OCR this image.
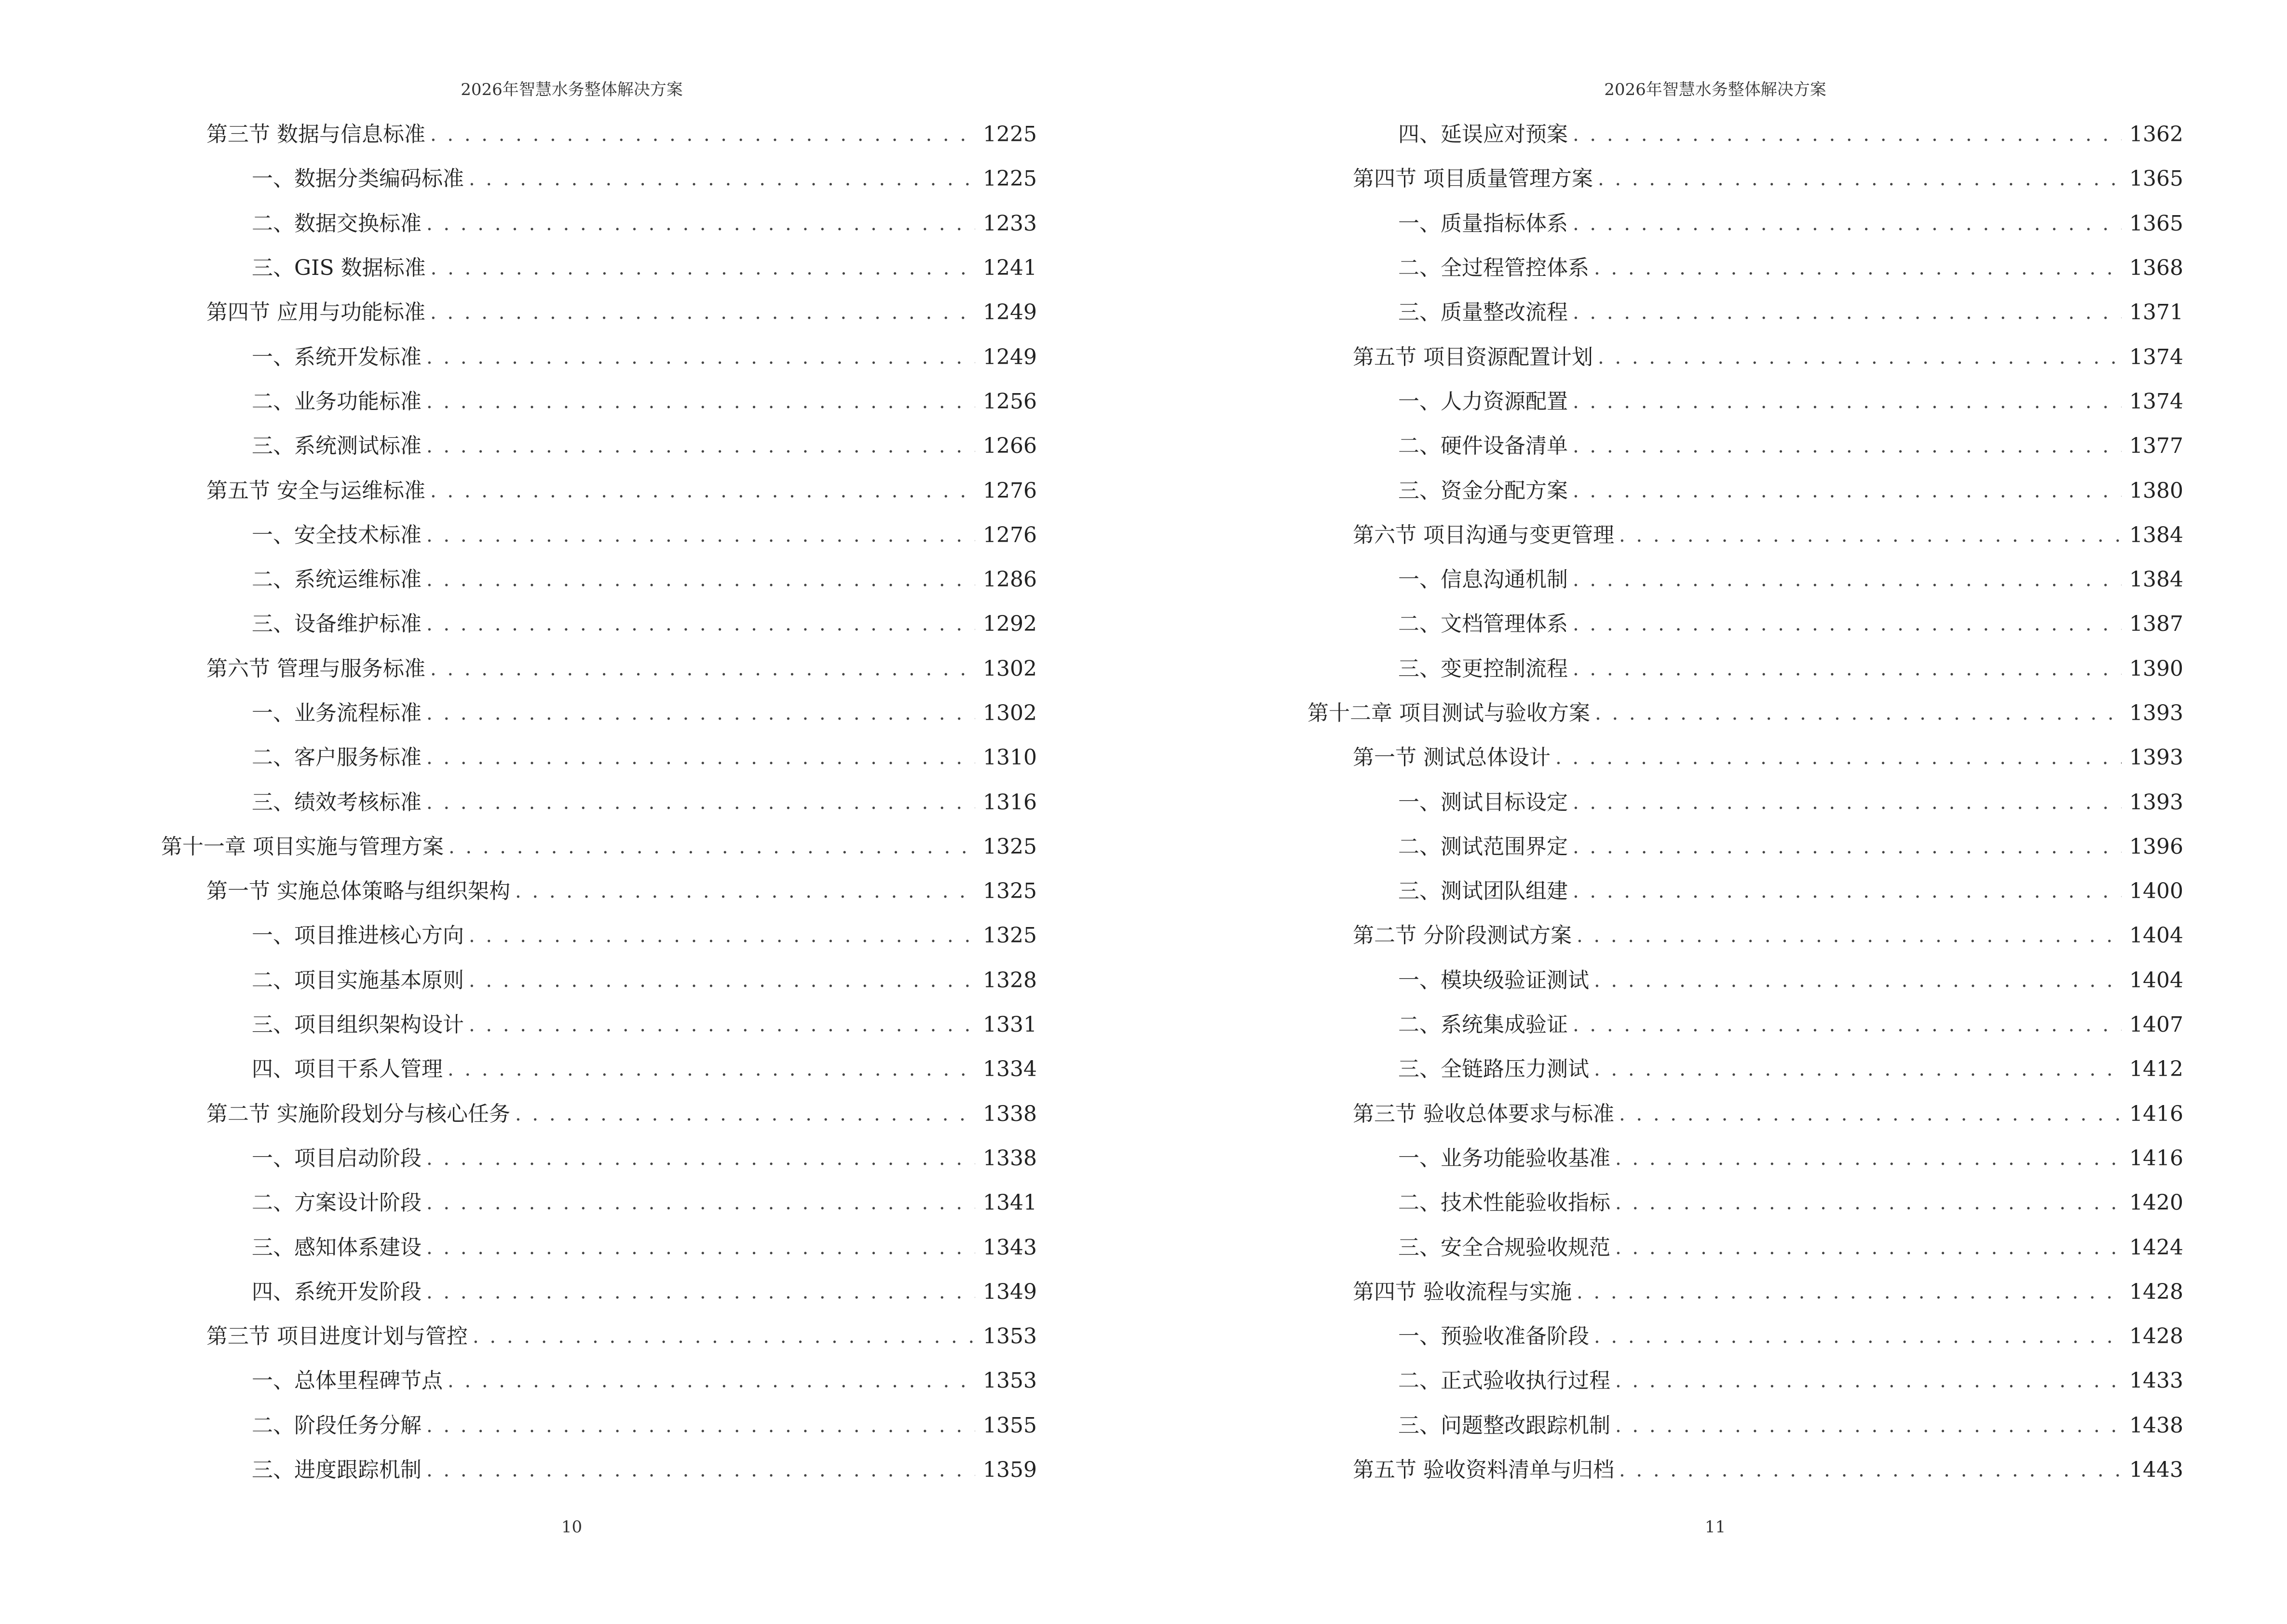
2026年智慧水务整体解决方案
第三节 数据与信息标准 . . .	1225
一、数据分类编码标准 . . .	1225
二、数据交换标准 . . .	1233
三、GIS 数据标准 . . .	1241
第四节 应用与功能标准 . . .	1249
一、系统开发标准 . . .	1249
二、业务功能标准 . . .	1256
三、系统测试标准 . . .	1266
第五节 安全与运维标准 . . .	1276
一、安全技术标准 . . .	1276
二、系统运维标准 . . .	1286
三、设备维护标准 . . .	1292
第六节 管理与服务标准 . . .	1302
一、业务流程标准 . . .	1302
二、客户服务标准 . . .	1310
三、绩效考核标准 . . .	1316
第十一章 项目实施与管理方案 . . .	1325
第一节 实施总体策略与组织架构 . . .	1325
一、项目推进核心方向 . . .	1325
二、项目实施基本原则 . . .	1328
三、项目组织架构设计 . . .	1331
四、项目干系人管理 . . .	1334
第二节 实施阶段划分与核心任务 . . .	1338
一、项目启动阶段 . . .	1338
二、方案设计阶段 . . .	1341
三、感知体系建设 . . .	1343
四、系统开发阶段 . . .	1349
第三节 项目进度计划与管控 . . .	1353
一、总体里程碑节点 . . .	1353
二、阶段任务分解 . . .	1355
三、进度跟踪机制 . . .	1359
10
2026年智慧水务整体解决方案
四、延误应对预案 . . .	1362
第四节 项目质量管理方案 . . .	1365
一、质量指标体系 . . .	1365
二、全过程管控体系 . . .	1368
三、质量整改流程 . . .	1371
第五节 项目资源配置计划 . . .	1374
一、人力资源配置 . . .	1374
二、硬件设备清单 . . .	1377
三、资金分配方案 . . .	1380
第六节 项目沟通与变更管理 . . .	1384
一、信息沟通机制 . . .	1384
二、文档管理体系 . . .	1387
三、变更控制流程 . . .	1390
第十二章 项目测试与验收方案 . . .	1393
第一节 测试总体设计 . . .	1393
一、测试目标设定 . . .	1393
二、测试范围界定 . . .	1396
三、测试团队组建 . . .	1400
第二节 分阶段测试方案 . . .	1404
一、模块级验证测试 . . .	1404
二、系统集成验证 . . .	1407
三、全链路压力测试 . . .	1412
第三节 验收总体要求与标准 . . .	1416
一、业务功能验收基准 . . .	1416
二、技术性能验收指标 . . .	1420
三、安全合规验收规范 . . .	1424
第四节 验收流程与实施 . . .	1428
一、预验收准备阶段 . . .	1428
二、正式验收执行过程 . . .	1433
三、问题整改跟踪机制 . . .	1438
第五节 验收资料清单与归档 . . .	1443
11
